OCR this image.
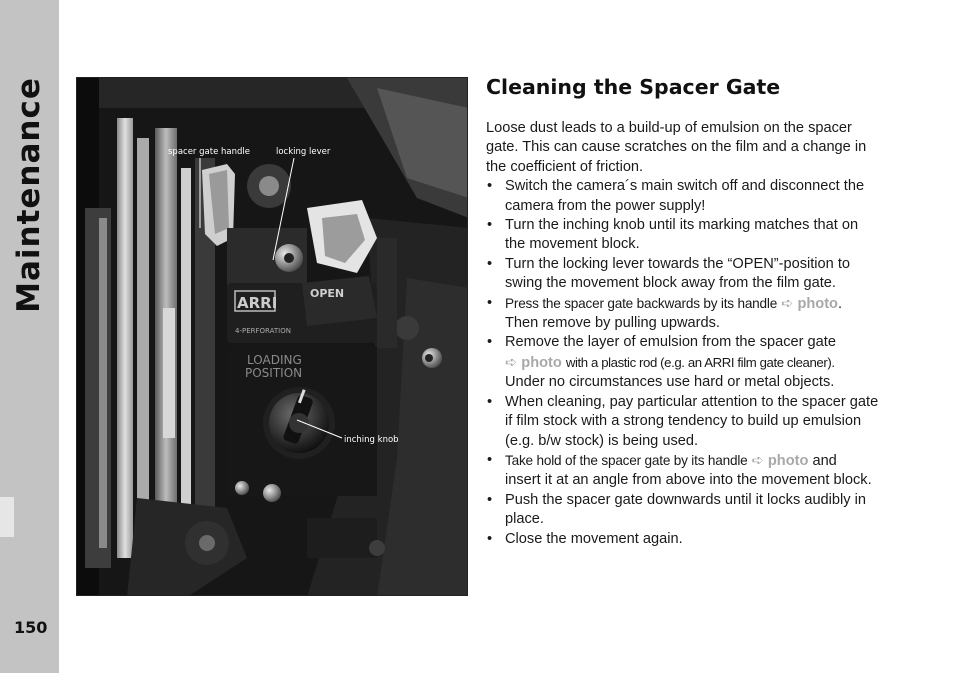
Maintenance
150
ARRI
4-PERFORATION
OPEN
LOADING
POSITION
spacer gate handle	locking lever
inching knob
Cleaning the Spacer Gate

Loose dust leads to a build-up of emulsion on the spacer gate. This can cause scratches on the film and a change in the coefficient of friction.

• Switch the camera´s main switch off and disconnect the camera from the power supply!
• Turn the inching knob until its marking matches that on the movement block.
• Turn the locking lever towards the “OPEN”-position to swing the movement block away from the film gate.
• Press the spacer gate backwards by its handle ➪ photo.
Then remove by pulling upwards.
• Remove the layer of emulsion from the spacer gate
➪ photo with a plastic rod (e.g. an ARRI film gate cleaner).
Under no circumstances use hard or metal objects.
• When cleaning, pay particular attention to the spacer gate if film stock with a strong tendency to build up emulsion (e.g. b/w stock) is being used.
• Take hold of the spacer gate by its handle ➪ photo and
insert it at an angle from above into the movement block.
• Push the spacer gate downwards until it locks audibly in place.
• Close the movement again.
